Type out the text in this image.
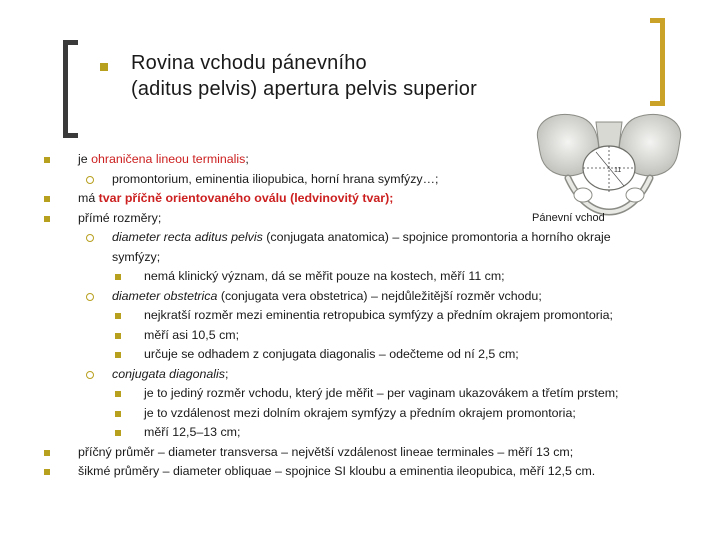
Rovina vchodu pánevního
(aditus pelvis) apertura pelvis superior
11
Pánevní vchod
je ohraničena lineou terminalis;
promontorium, eminentia iliopubica, horní hrana symfýzy…;
má tvar příčně orientovaného oválu (ledvinovitý tvar);
přímé rozměry;
diameter recta aditus pelvis (conjugata anatomica) – spojnice promontoria a horního okraje
symfýzy;
nemá klinický význam, dá se měřit pouze na kostech, měří 11 cm;
diameter obstetrica (conjugata vera obstetrica) – nejdůležitější rozměr vchodu;
nejkratší rozměr mezi eminentia retropubica symfýzy a předním okrajem promontoria;
měří asi 10,5 cm;
určuje se odhadem z conjugata diagonalis – odečteme od ní 2,5 cm;
conjugata diagonalis;
je to jediný rozměr vchodu, který jde měřit – per vaginam ukazovákem a třetím prstem;
je to vzdálenost mezi dolním okrajem symfýzy a předním okrajem promontoria;
měří 12,5–13 cm;
příčný průměr – diameter transversa – největší vzdálenost lineae terminales – měří 13 cm;
šikmé průměry – diameter obliquae – spojnice SI kloubu a eminentia ileopubica, měří 12,5 cm.
